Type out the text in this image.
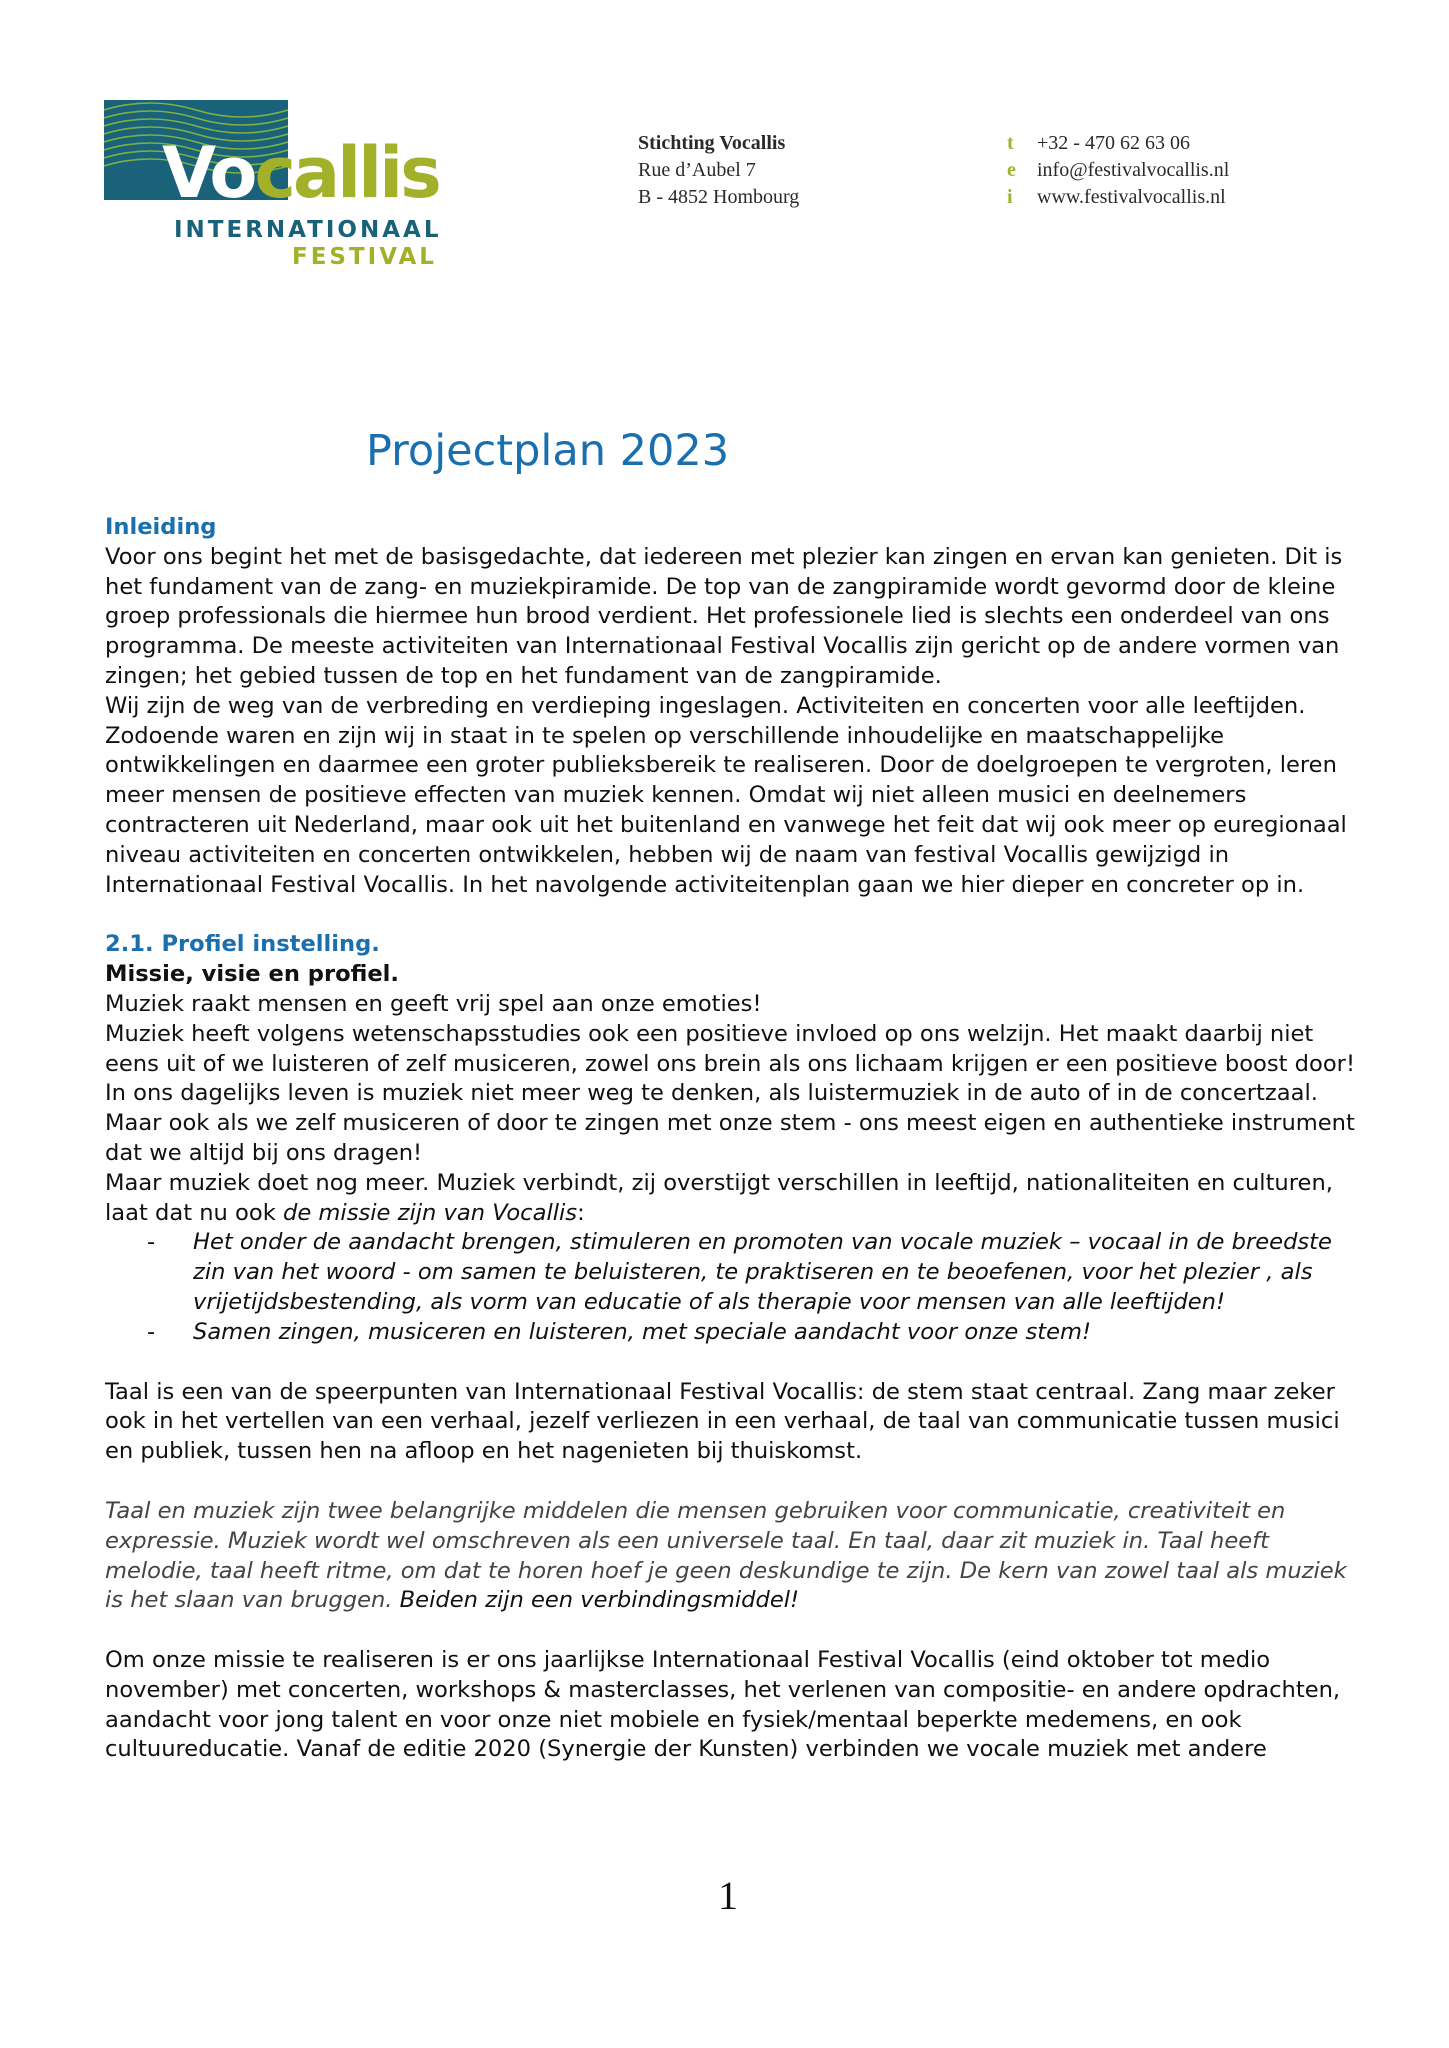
Vocallis
INTERNATIONAAL
FESTIVAL
Stichting Vocallis
Rue d’Aubel 7
B - 4852 Hombourg
t	+32 - 470 62 63 06
e	info@festivalvocallis.nl
i	www.festivalvocallis.nl
Projectplan 2023

Inleiding

Voor ons begint het met de basisgedachte, dat iedereen met plezier kan zingen en ervan kan genieten. Dit is het fundament van de zang- en muziekpiramide. De top van de zangpiramide wordt gevormd door de kleine groep professionals die hiermee hun brood verdient. Het professionele lied is slechts een onderdeel van ons programma. De meeste activiteiten van Internationaal Festival Vocallis zijn gericht op de andere vormen van zingen; het gebied tussen de top en het fundament van de zangpiramide.

Wij zijn de weg van de verbreding en verdieping ingeslagen. Activiteiten en concerten voor alle leeftijden. Zodoende waren en zijn wij in staat in te spelen op verschillende inhoudelijke en maatschappelijke ontwikkelingen en daarmee een groter publieksbereik te realiseren. Door de doelgroepen te vergroten, leren meer mensen de positieve effecten van muziek kennen. Omdat wij niet alleen musici en deelnemers contracteren uit Nederland, maar ook uit het buitenland en vanwege het feit dat wij ook meer op euregionaal niveau activiteiten en concerten ontwikkelen, hebben wij de naam van festival Vocallis gewijzigd in Internationaal Festival Vocallis. In het navolgende activiteitenplan gaan we hier dieper en concreter op in.

2.1. Profiel instelling.

Missie, visie en profiel.

Muziek raakt mensen en geeft vrij spel aan onze emoties!

Muziek heeft volgens wetenschapsstudies ook een positieve invloed op ons welzijn. Het maakt daarbij niet eens uit of we luisteren of zelf musiceren, zowel ons brein als ons lichaam krijgen er een positieve boost door! In ons dagelijks leven is muziek niet meer weg te denken, als luistermuziek in de auto of in de concertzaal. Maar ook als we zelf musiceren of door te zingen met onze stem - ons meest eigen en authentieke instrument dat we altijd bij ons dragen!

Maar muziek doet nog meer. Muziek verbindt, zij overstijgt verschillen in leeftijd, nationaliteiten en culturen, laat dat nu ook de missie zijn van Vocallis:

- Het onder de aandacht brengen, stimuleren en promoten van vocale muziek – vocaal in de breedste zin van het woord - om samen te beluisteren, te praktiseren en te beoefenen, voor het plezier , als vrijetijdsbestending, als vorm van educatie of als therapie voor mensen van alle leeftijden!
- Samen zingen, musiceren en luisteren, met speciale aandacht voor onze stem!

Taal is een van de speerpunten van Internationaal Festival Vocallis: de stem staat centraal. Zang maar zeker ook in het vertellen van een verhaal, jezelf verliezen in een verhaal, de taal van communicatie tussen musici en publiek, tussen hen na afloop en het nagenieten bij thuiskomst.

Taal en muziek zijn twee belangrijke middelen die mensen gebruiken voor communicatie, creativiteit en expressie. Muziek wordt wel omschreven als een universele taal. En taal, daar zit muziek in. Taal heeft melodie, taal heeft ritme, om dat te horen hoef je geen deskundige te zijn. De kern van zowel taal als muziek is het slaan van bruggen. Beiden zijn een verbindingsmiddel!

Om onze missie te realiseren is er ons jaarlijkse Internationaal Festival Vocallis (eind oktober tot medio november) met concerten, workshops & masterclasses, het verlenen van compositie- en andere opdrachten, aandacht voor jong talent en voor onze niet mobiele en fysiek/mentaal beperkte medemens, en ook cultuureducatie. Vanaf de editie 2020 (Synergie der Kunsten) verbinden we vocale muziek met andere

1
